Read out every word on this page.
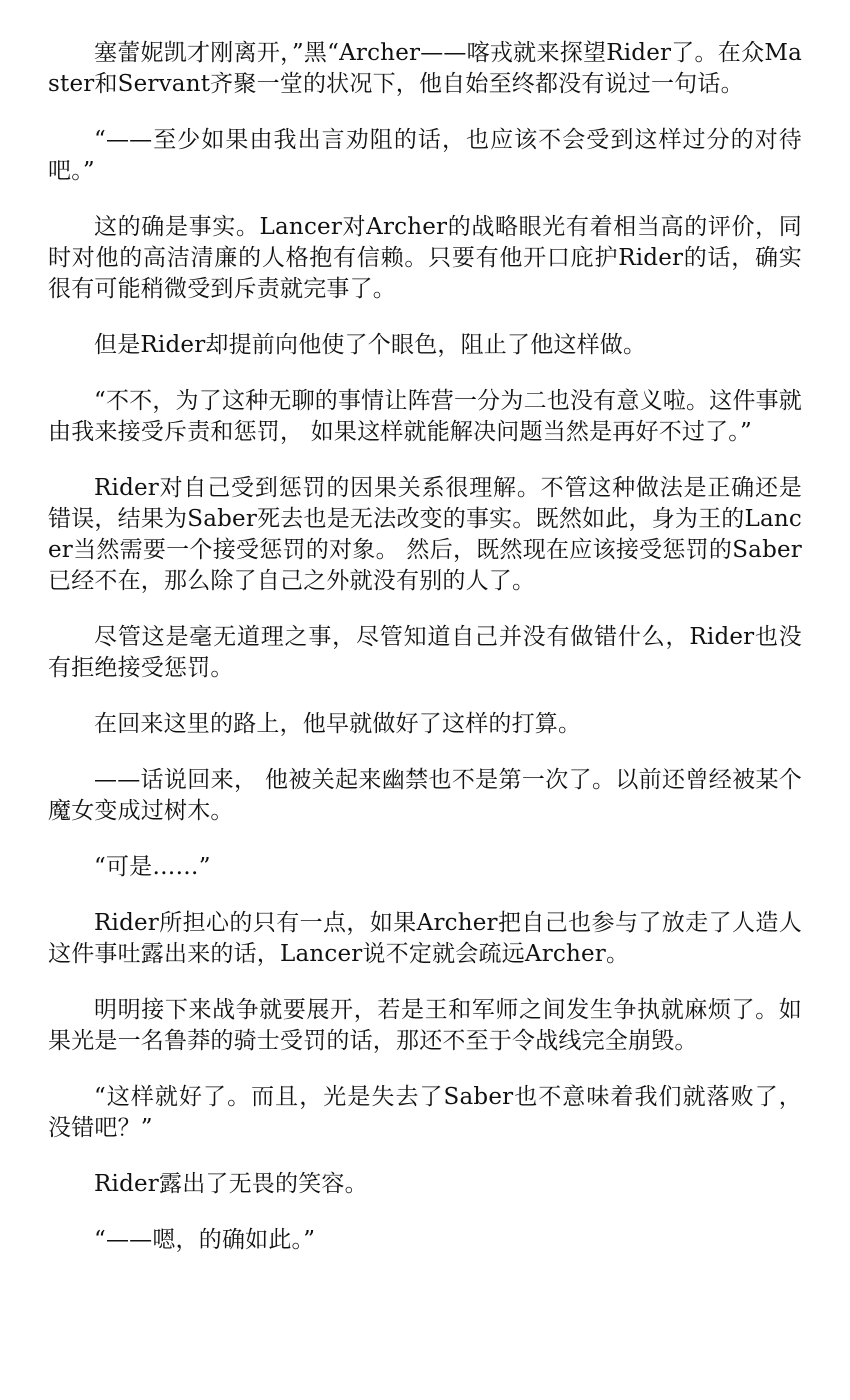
塞蕾妮凯才刚离开，”黑“Archer——喀戎就来探望Rider了。在众Master和Servant齐聚一堂的状况下，他自始至终都没有说过一句话。

“——至少如果由我出言劝阻的话，也应该不会受到这样过分的对待吧。”

这的确是事实。Lancer对Archer的战略眼光有着相当高的评价，同时对他的高洁清廉的人格抱有信赖。只要有他开口庇护Rider的话，确实很有可能稍微受到斥责就完事了。

但是Rider却提前向他使了个眼色，阻止了他这样做。

“不不，为了这种无聊的事情让阵营一分为二也没有意义啦。这件事就由我来接受斥责和惩罚， 如果这样就能解决问题当然是再好不过了。”

Rider对自己受到惩罚的因果关系很理解。不管这种做法是正确还是错误，结果为Saber死去也是无法改变的事实。既然如此，身为王的Lancer当然需要一个接受惩罚的对象。 然后，既然现在应该接受惩罚的Saber已经不在，那么除了自己之外就没有别的人了。

尽管这是毫无道理之事，尽管知道自己并没有做错什么，Rider也没有拒绝接受惩罚。

在回来这里的路上，他早就做好了这样的打算。

——话说回来， 他被关起来幽禁也不是第一次了。以前还曾经被某个魔女变成过树木。

“可是……”

Rider所担心的只有一点，如果Archer把自己也参与了放走了人造人这件事吐露出来的话，Lancer说不定就会疏远Archer。

明明接下来战争就要展开，若是王和军师之间发生争执就麻烦了。如果光是一名鲁莽的骑士受罚的话，那还不至于令战线完全崩毁。

“这样就好了。而且，光是失去了Saber也不意味着我们就落败了，没错吧？”

Rider露出了无畏的笑容。

“——嗯，的确如此。”
